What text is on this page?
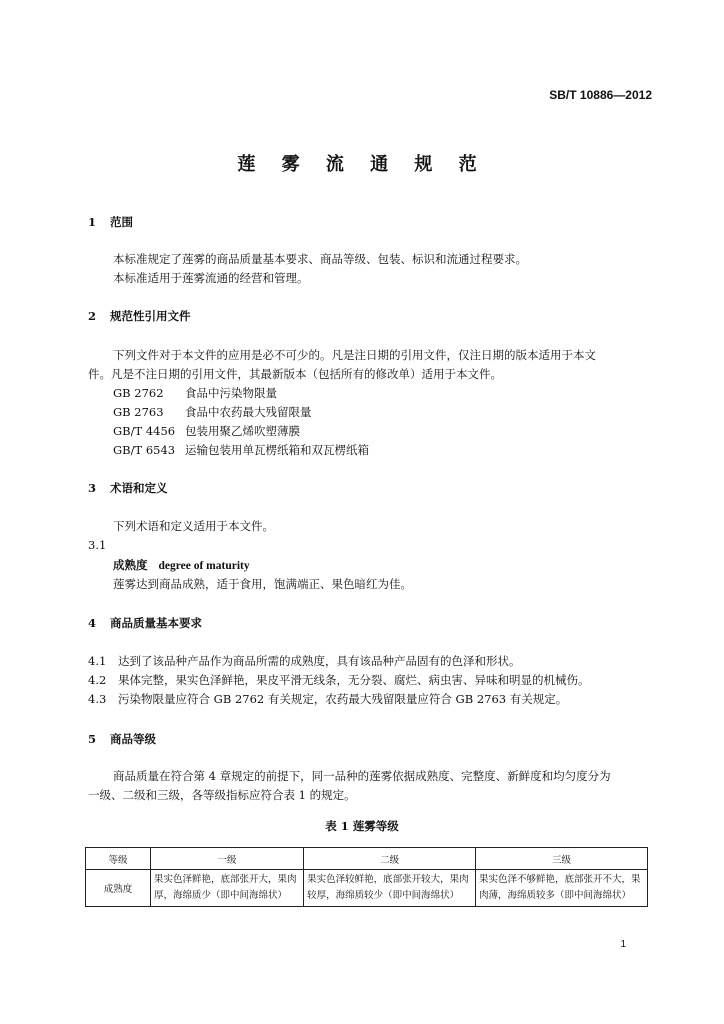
SB/T 10886—2012
莲 雾 流 通 规 范
1 范围
本标准规定了莲雾的商品质量基本要求、商品等级、包装、标识和流通过程要求。
本标准适用于莲雾流通的经营和管理。
2 规范性引用文件
下列文件对于本文件的应用是必不可少的。凡是注日期的引用文件，仅注日期的版本适用于本文
件。凡是不注日期的引用文件，其最新版本（包括所有的修改单）适用于本文件。
GB 2762 食品中污染物限量
GB 2763 食品中农药最大残留限量
GB/T 4456 包装用聚乙烯吹塑薄膜
GB/T 6543 运输包装用单瓦楞纸箱和双瓦楞纸箱
3 术语和定义
下列术语和定义适用于本文件。
3.1
成熟度 degree of maturity
莲雾达到商品成熟，适于食用，饱满端正、果色暗红为佳。
4 商品质量基本要求
4.1 达到了该品种产品作为商品所需的成熟度，具有该品种产品固有的色泽和形状。
4.2 果体完整，果实色泽鲜艳，果皮平滑无线条，无分裂、腐烂、病虫害、异味和明显的机械伤。
4.3 污染物限量应符合 GB 2762 有关规定，农药最大残留限量应符合 GB 2763 有关规定。
5 商品等级
商品质量在符合第 4 章规定的前提下，同一品种的莲雾依据成熟度、完整度、新鲜度和均匀度分为
一级、二级和三级，各等级指标应符合表 1 的规定。
表 1 莲雾等级
等级	一级	二级	三级
成熟度	果实色泽鲜艳，底部张开大，果肉厚，海绵质少（即中间海绵状）	果实色泽较鲜艳，底部张开较大，果肉较厚，海绵质较少（即中间海绵状）	果实色泽不够鲜艳，底部张开不大，果肉薄，海绵质较多（即中间海绵状）
1
